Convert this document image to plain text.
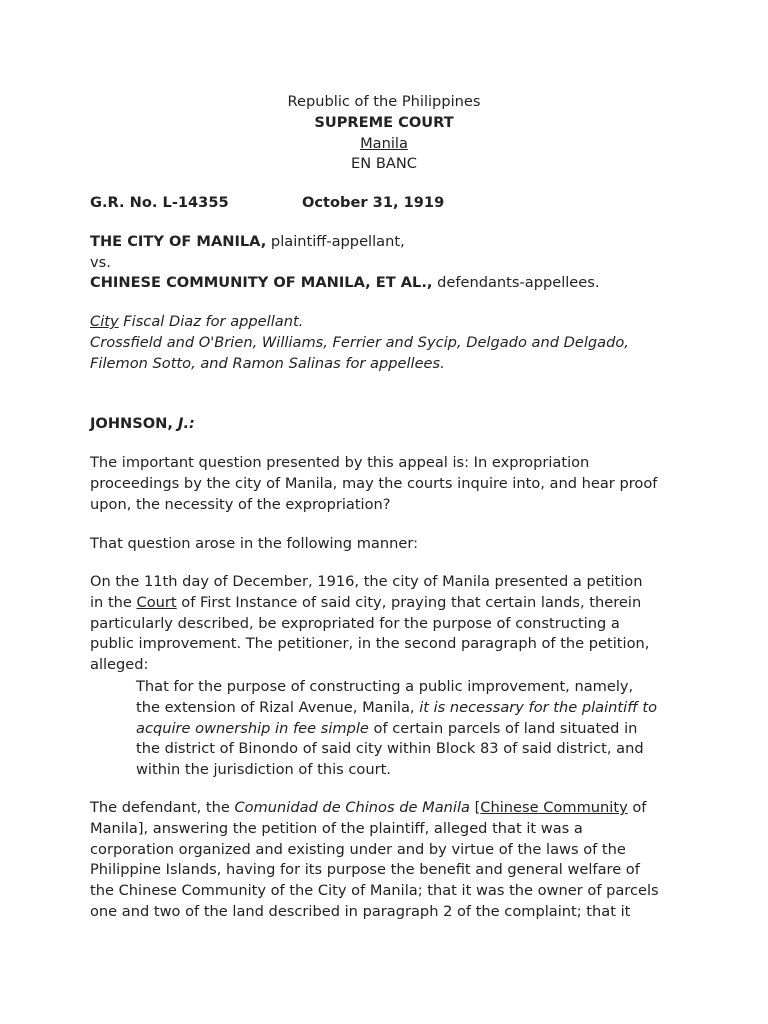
Republic of the Philippines
SUPREME COURT
Manila
EN BANC
G.R. No. L-14355	October 31, 1919
THE CITY OF MANILA, plaintiff-appellant,
vs.
CHINESE COMMUNITY OF MANILA, ET AL., defendants-appellees.
City Fiscal Diaz for appellant.
Crossfield and O'Brien, Williams, Ferrier and Sycip, Delgado and Delgado,
Filemon Sotto, and Ramon Salinas for appellees.
JOHNSON, J.:
The important question presented by this appeal is: In expropriation
proceedings by the city of Manila, may the courts inquire into, and hear proof
upon, the necessity of the expropriation?
That question arose in the following manner:
On the 11th day of December, 1916, the city of Manila presented a petition
in the Court of First Instance of said city, praying that certain lands, therein
particularly described, be expropriated for the purpose of constructing a
public improvement. The petitioner, in the second paragraph of the petition,
alleged:
That for the purpose of constructing a public improvement, namely,
the extension of Rizal Avenue, Manila, it is necessary for the plaintiff to
acquire ownership in fee simple of certain parcels of land situated in
the district of Binondo of said city within Block 83 of said district, and
within the jurisdiction of this court.
The defendant, the Comunidad de Chinos de Manila [Chinese Community of
Manila], answering the petition of the plaintiff, alleged that it was a
corporation organized and existing under and by virtue of the laws of the
Philippine Islands, having for its purpose the benefit and general welfare of
the Chinese Community of the City of Manila; that it was the owner of parcels
one and two of the land described in paragraph 2 of the complaint; that it
